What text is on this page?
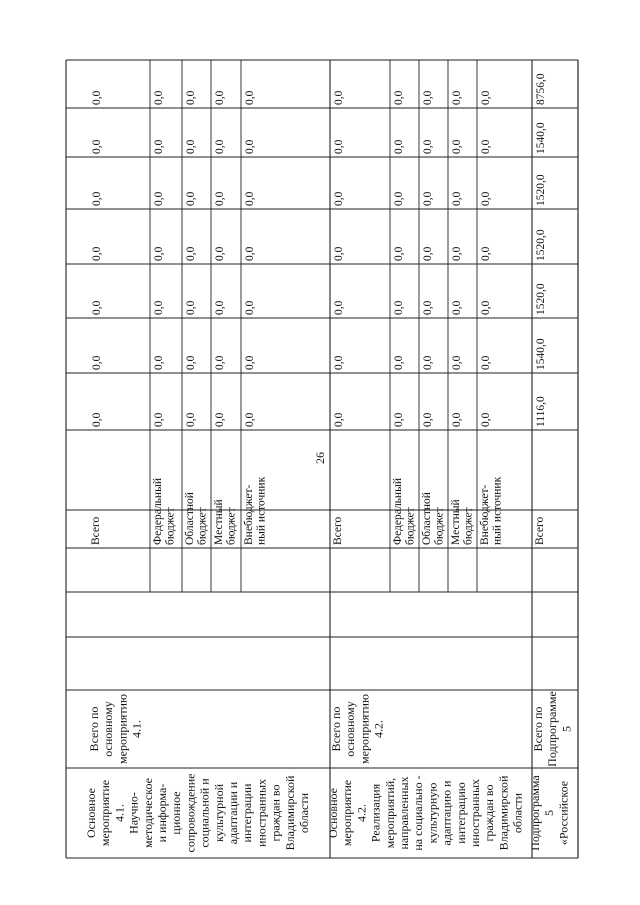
26
Основное мероприятие 4.1. Научно- методическое и информа- ционное сопровождение социальной и культурной адаптации и интеграции иностранных граждан во Владимирской области
Всего по основному мероприятию 4.1.
Всего
0,0
0,0
0,0
0,0
0,0
0,0
0,0
Федеральный бюджет
0,0
0,0
0,0
0,0
0,0
0,0
0,0
Областной бюджет
0,0
0,0
0,0
0,0
0,0
0,0
0,0
Местный бюджет
0,0
0,0
0,0
0,0
0,0
0,0
0,0
Внебюджет- ный источник
0,0
0,0
0,0
0,0
0,0
0,0
0,0
Основное мероприятие 4.2. Реализация мероприятий, направленных на социально - культурную адаптацию и интеграцию иностранных граждан во Владимирской области
Всего по основному мероприятию 4.2.
Всего
0,0
0,0
0,0
0,0
0,0
0,0
0,0
Федеральный бюджет
0,0
0,0
0,0
0,0
0,0
0,0
0,0
Областной бюджет
0,0
0,0
0,0
0,0
0,0
0,0
0,0
Местный бюджет
0,0
0,0
0,0
0,0
0,0
0,0
0,0
Внебюджет- ный источник
0,0
0,0
0,0
0,0
0,0
0,0
0,0
Подпрограмма 5 «Российское
Всего по Подпрограмме 5
Всего
1116,0
1540,0
1520,0
1520,0
1520,0
1540,0
8756,0
